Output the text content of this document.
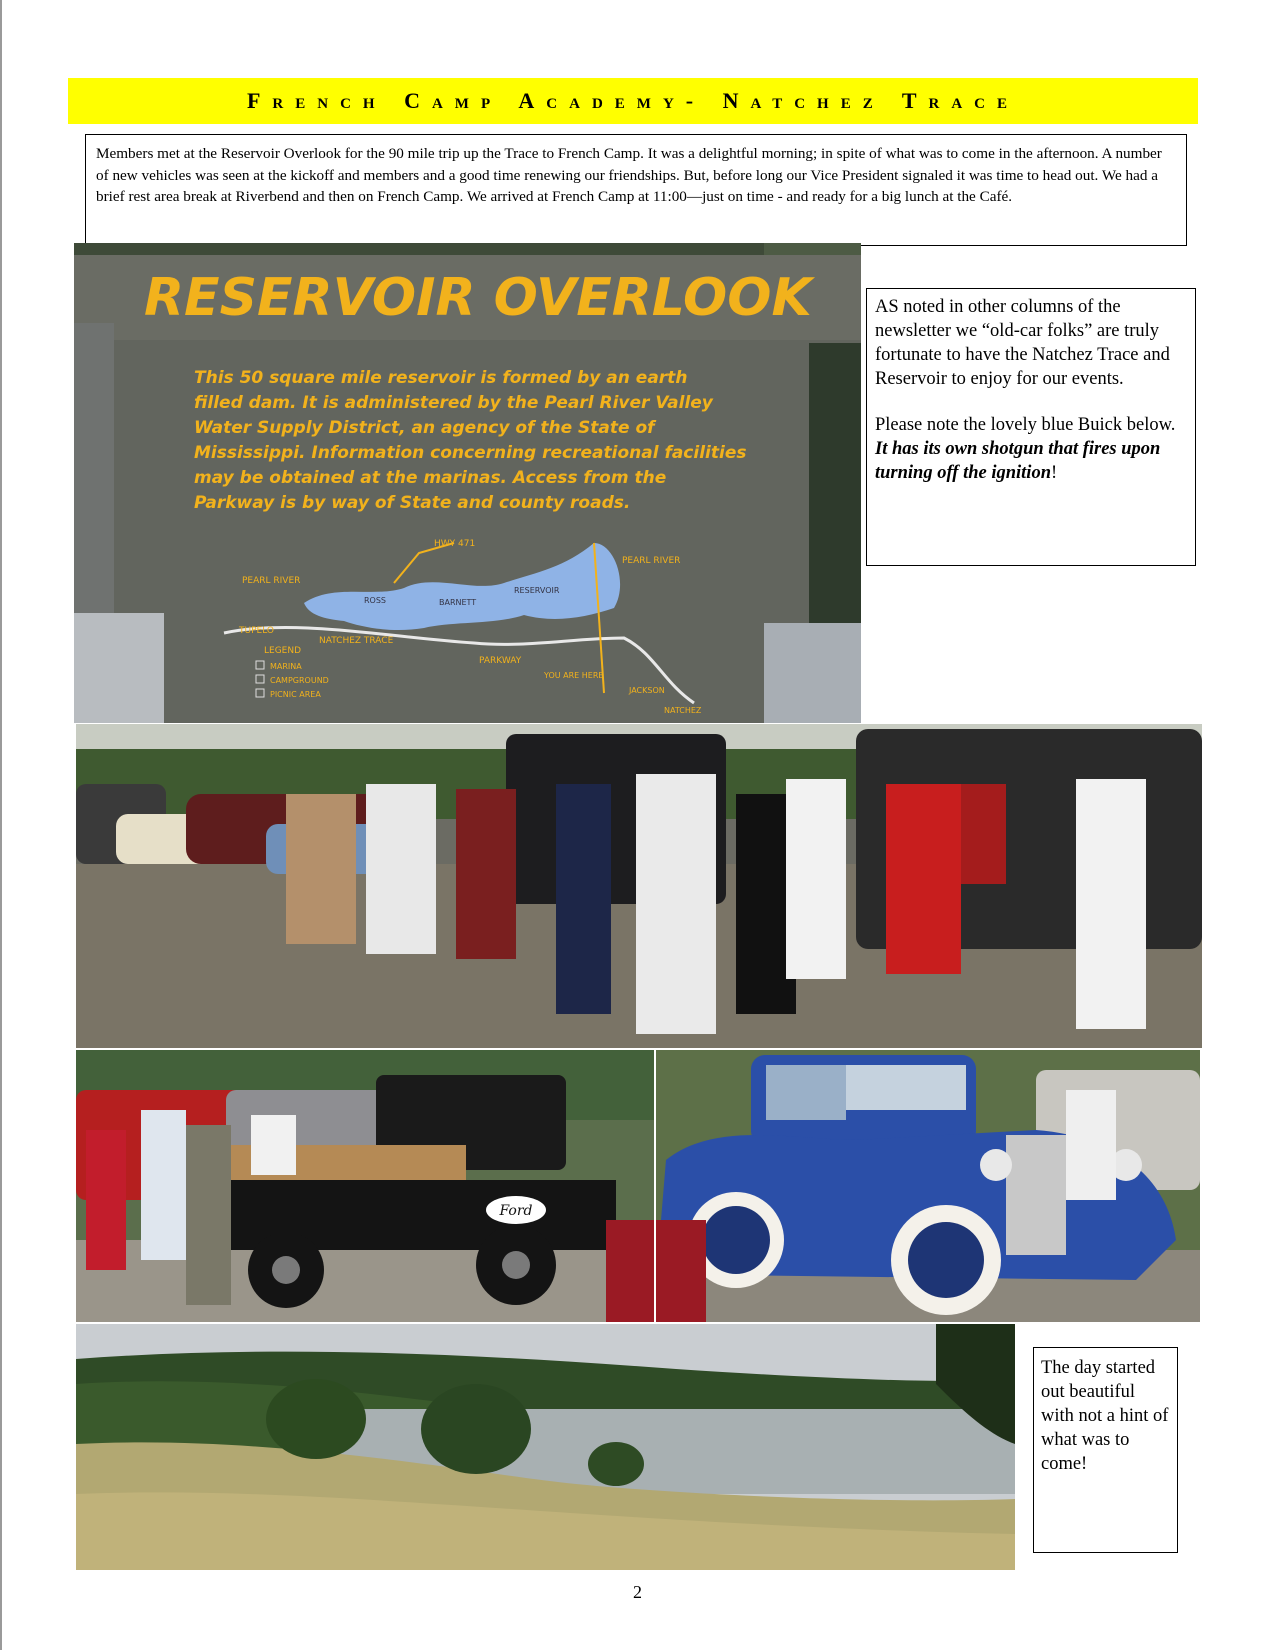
French Camp Academy- Natchez Trace
Members met at the Reservoir Overlook for the 90 mile trip up the Trace to French Camp. It was a delightful morning; in spite of what was to come in the afternoon. A number of new vehicles was seen at the kickoff and members and a good time renewing our friendships. But, before long our Vice President signaled it was time to head out. We had a brief rest area break at Riverbend and then on French Camp. We arrived at French Camp at 11:00—just on time - and ready for a big lunch at the Café.
RESERVOIR OVERLOOK
This 50 square mile reservoir is formed by an earth
filled dam. It is administered by the Pearl River Valley
Water Supply District, an agency of the State of
Mississippi. Information concerning recreational facilities
may be obtained at the marinas. Access from the
Parkway is by way of State and county roads.
HWY 471
PEARL RIVER
PEARL RIVER
TUPELO
NATCHEZ TRACE
PARKWAY
YOU ARE HERE
ROSS	BARNETT
RESERVOIR
JACKSON
NATCHEZ
LEGEND
MARINA
CAMPGROUND
PICNIC AREA

AS noted in other columns of the newsletter we “old-car folks” are truly fortunate to have the Natchez Trace and Reservoir to enjoy for our events.

Please note the lovely blue Buick below. It has its own shotgun that fires upon turning off the ignition!

Ford
The day started out beautiful with not a hint of what was to come!
2
